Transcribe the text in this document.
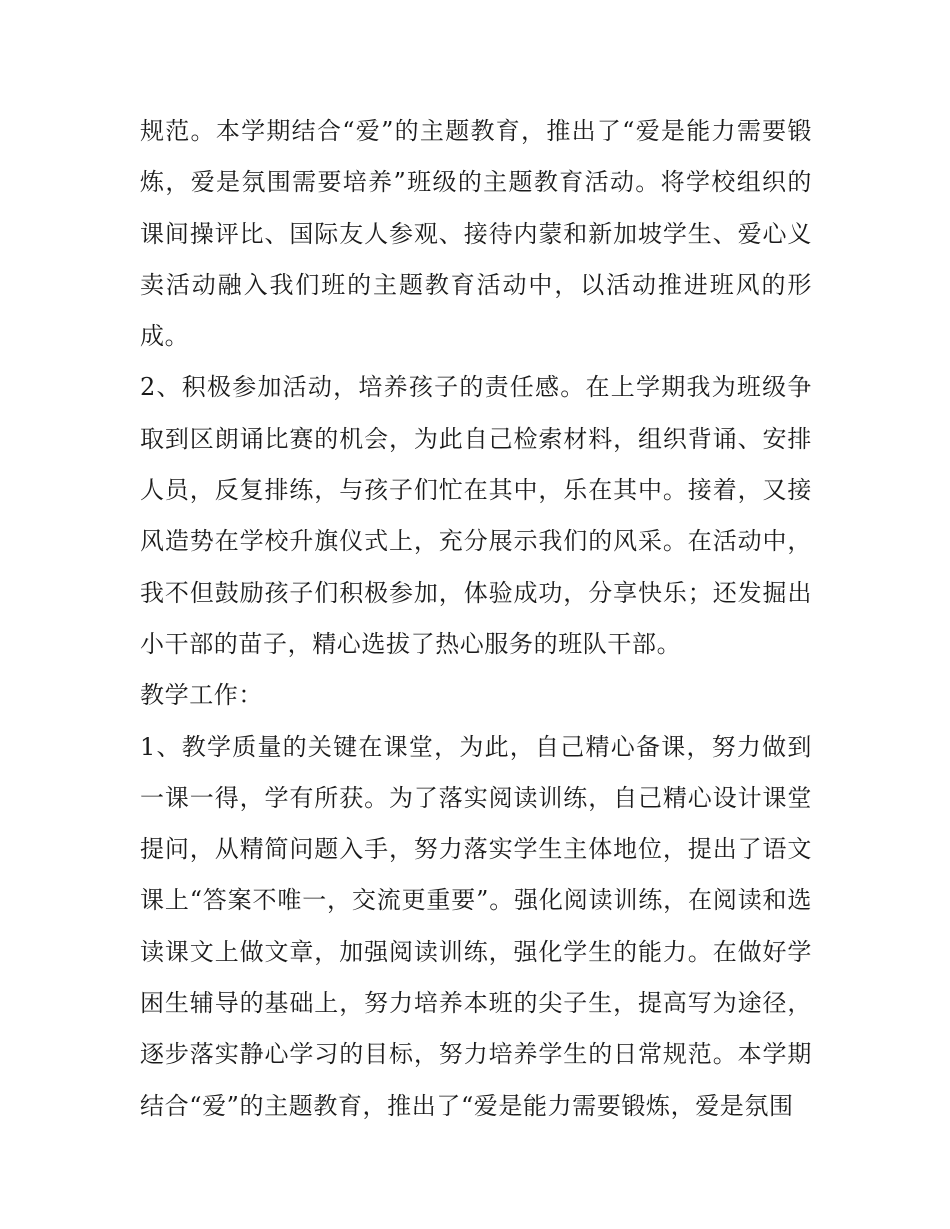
规范。本学期结合“爱”的主题教育，推出了“爱是能力需要锻炼，爱是氛围需要培养”班级的主题教育活动。将学校组织的课间操评比、国际友人参观、接待内蒙和新加坡学生、爱心义卖活动融入我们班的主题教育活动中，以活动推进班风的形成。

2、积极参加活动，培养孩子的责任感。在上学期我为班级争取到区朗诵比赛的机会，为此自己检索材料，组织背诵、安排人员，反复排练，与孩子们忙在其中，乐在其中。接着，又接风造势在学校升旗仪式上，充分展示我们的风采。在活动中，我不但鼓励孩子们积极参加，体验成功，分享快乐；还发掘出小干部的苗子，精心选拔了热心服务的班队干部。

教学工作：

1、教学质量的关键在课堂，为此，自己精心备课，努力做到一课一得，学有所获。为了落实阅读训练，自己精心设计课堂提问，从精简问题入手，努力落实学生主体地位，提出了语文课上“答案不唯一，交流更重要”。强化阅读训练，在阅读和选读课文上做文章，加强阅读训练，强化学生的能力。在做好学困生辅导的基础上，努力培养本班的尖子生，提高写为途径，逐步落实静心学习的目标，努力培养学生的日常规范。本学期结合“爱”的主题教育，推出了“爱是能力需要锻炼，爱是氛围
